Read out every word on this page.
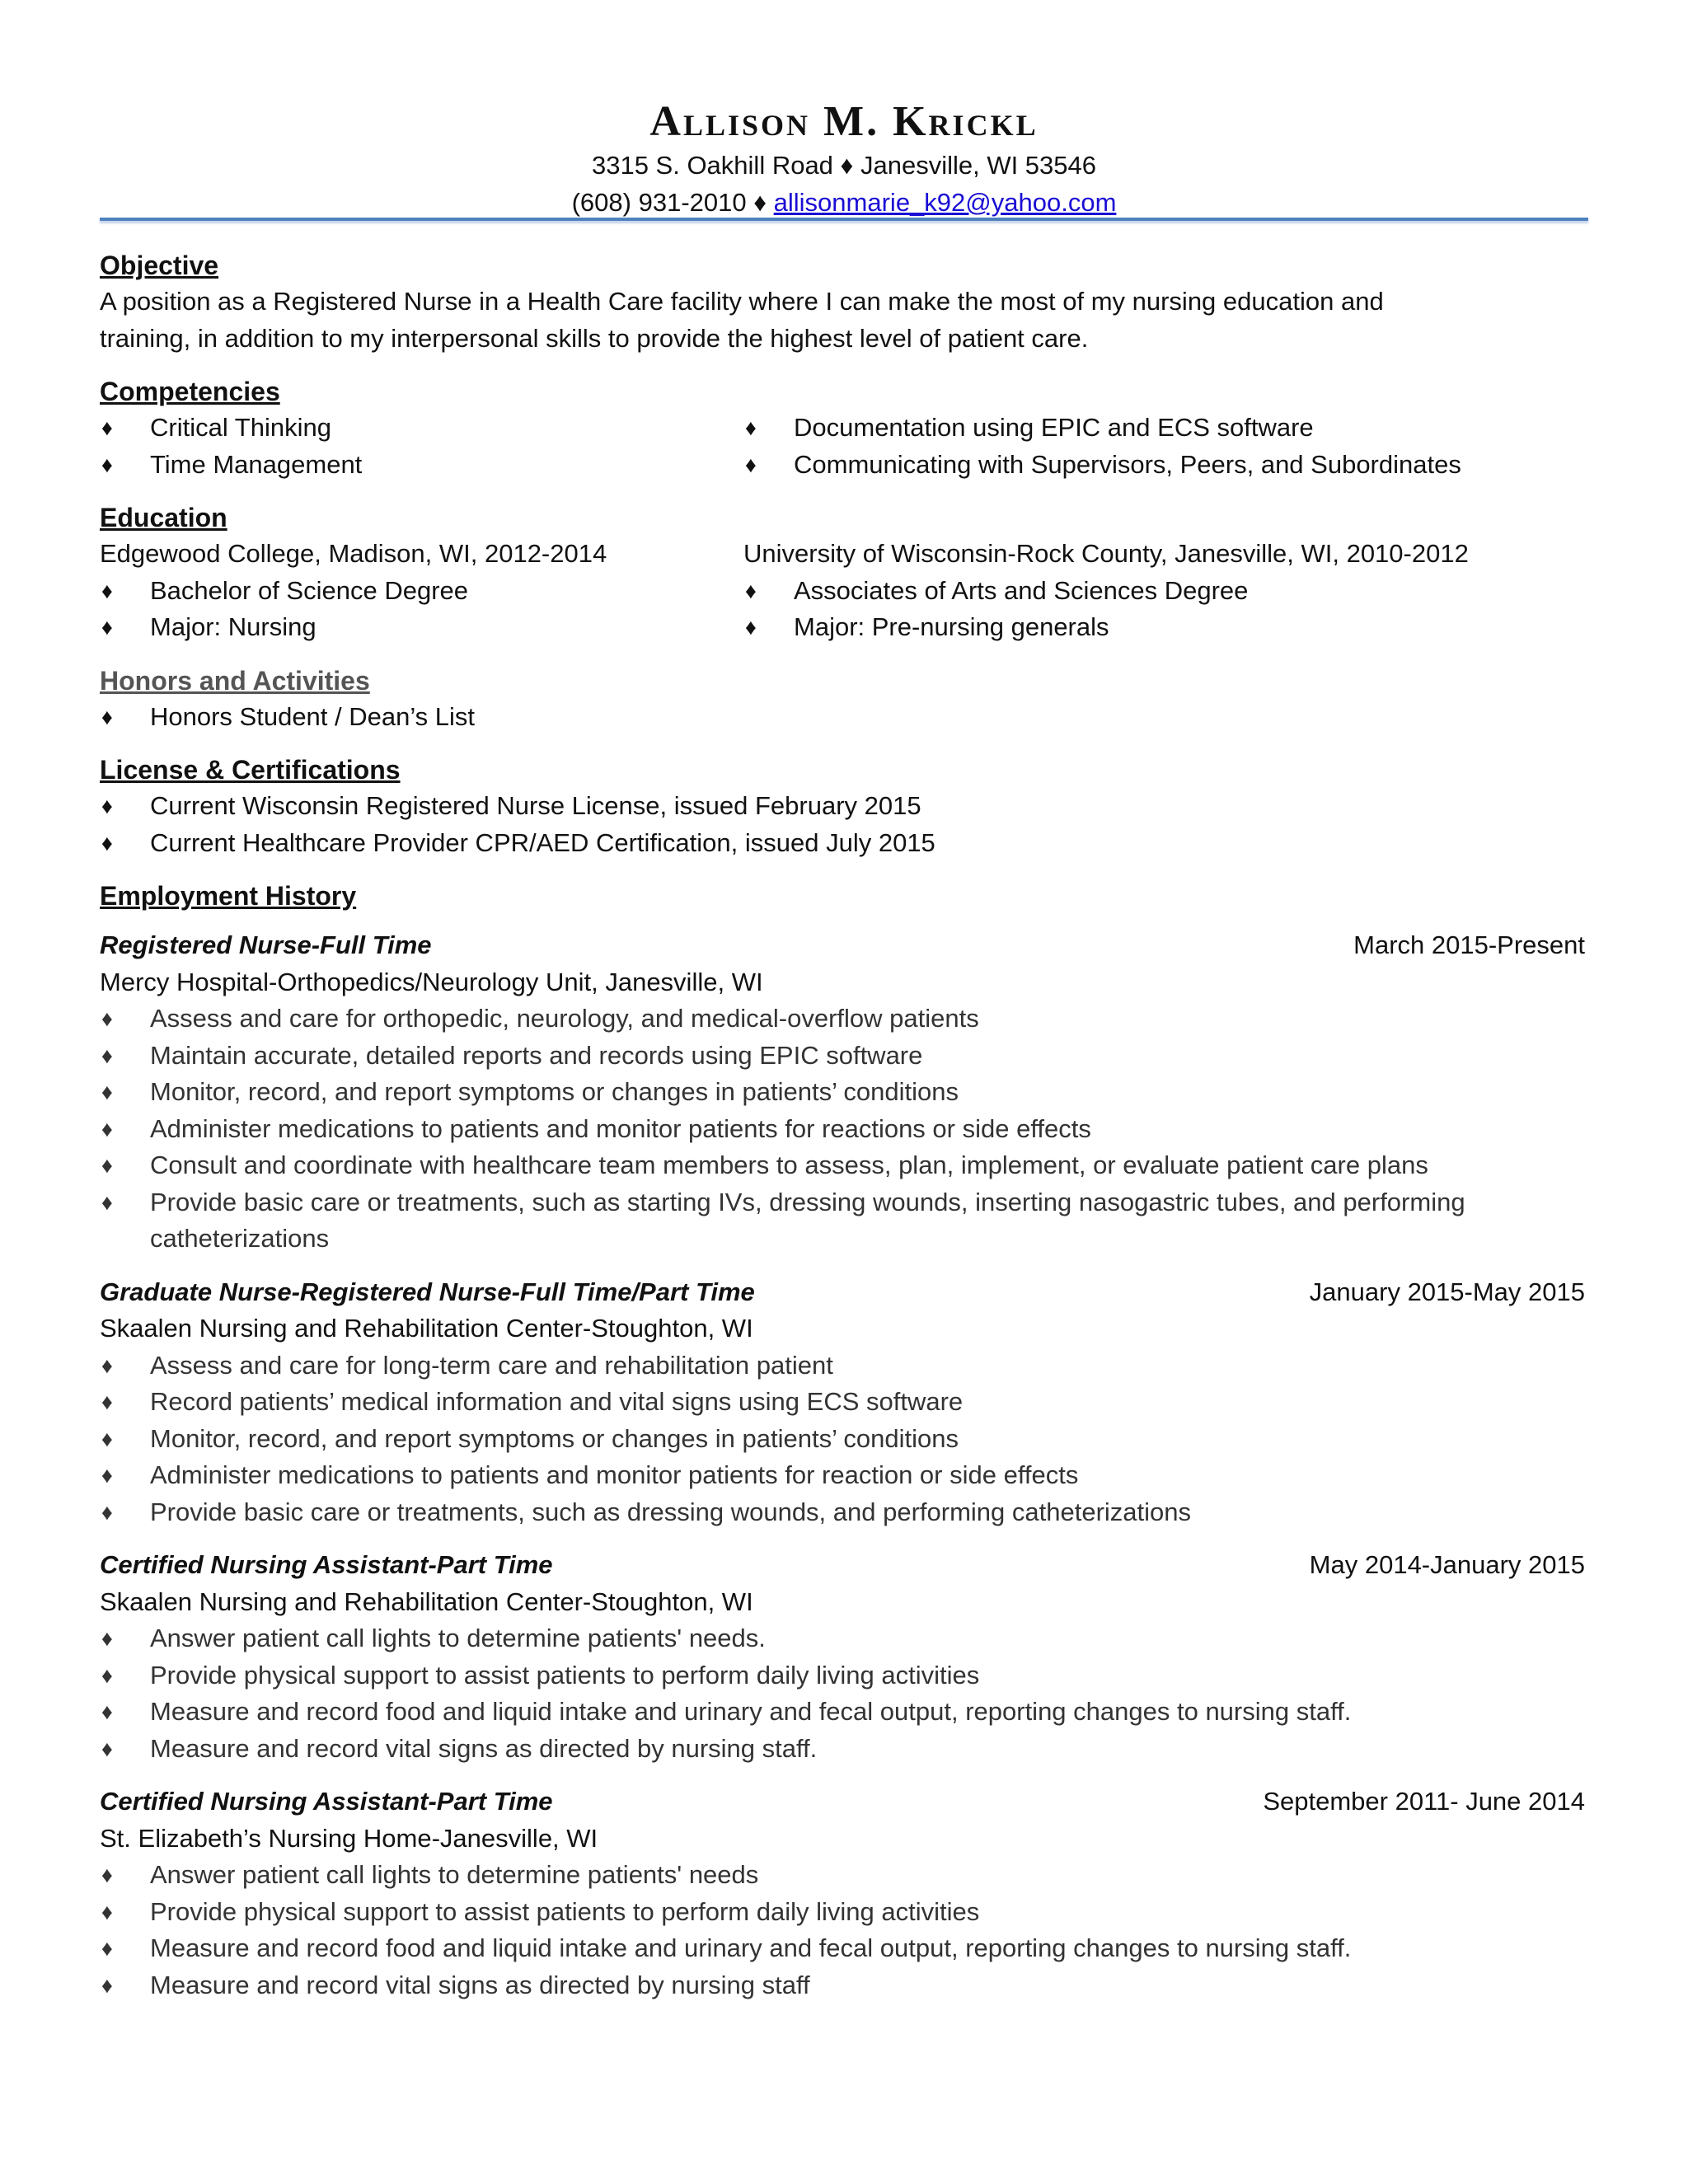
Allison M. Krickl
3315 S. Oakhill Road ♦ Janesville, WI 53546
(608) 931-2010 ♦ allisonmarie_k92@yahoo.com
Objective
A position as a Registered Nurse in a Health Care facility where I can make the most of my nursing education and
training, in addition to my interpersonal skills to provide the highest level of patient care.
Competencies
♦ Critical Thinking
♦ Time Management
♦ Documentation using EPIC and ECS software
♦ Communicating with Supervisors, Peers, and Subordinates
Education
Edgewood College, Madison, WI, 2012-2014
♦ Bachelor of Science Degree
♦ Major: Nursing
University of Wisconsin-Rock County, Janesville, WI, 2010-2012
♦ Associates of Arts and Sciences Degree
♦ Major: Pre-nursing generals
Honors and Activities
♦ Honors Student / Dean’s List
License & Certifications
♦ Current Wisconsin Registered Nurse License, issued February 2015
♦ Current Healthcare Provider CPR/AED Certification, issued July 2015
Employment History
Registered Nurse-Full Time	March 2015-Present
Mercy Hospital-Orthopedics/Neurology Unit, Janesville, WI
♦ Assess and care for orthopedic, neurology, and medical-overflow patients
♦ Maintain accurate, detailed reports and records using EPIC software
♦ Monitor, record, and report symptoms or changes in patients’ conditions
♦ Administer medications to patients and monitor patients for reactions or side effects
♦ Consult and coordinate with healthcare team members to assess, plan, implement, or evaluate patient care plans
♦ Provide basic care or treatments, such as starting IVs, dressing wounds, inserting nasogastric tubes, and performing catheterizations
Graduate Nurse-Registered Nurse-Full Time/Part Time	January 2015-May 2015
Skaalen Nursing and Rehabilitation Center-Stoughton, WI
♦ Assess and care for long-term care and rehabilitation patient
♦ Record patients’ medical information and vital signs using ECS software
♦ Monitor, record, and report symptoms or changes in patients’ conditions
♦ Administer medications to patients and monitor patients for reaction or side effects
♦ Provide basic care or treatments, such as dressing wounds, and performing catheterizations
Certified Nursing Assistant-Part Time	May 2014-January 2015
Skaalen Nursing and Rehabilitation Center-Stoughton, WI
♦ Answer patient call lights to determine patients' needs.
♦ Provide physical support to assist patients to perform daily living activities
♦ Measure and record food and liquid intake and urinary and fecal output, reporting changes to nursing staff.
♦ Measure and record vital signs as directed by nursing staff.
Certified Nursing Assistant-Part Time	September 2011- June 2014
St. Elizabeth’s Nursing Home-Janesville, WI
♦ Answer patient call lights to determine patients' needs
♦ Provide physical support to assist patients to perform daily living activities
♦ Measure and record food and liquid intake and urinary and fecal output, reporting changes to nursing staff.
♦ Measure and record vital signs as directed by nursing staff
